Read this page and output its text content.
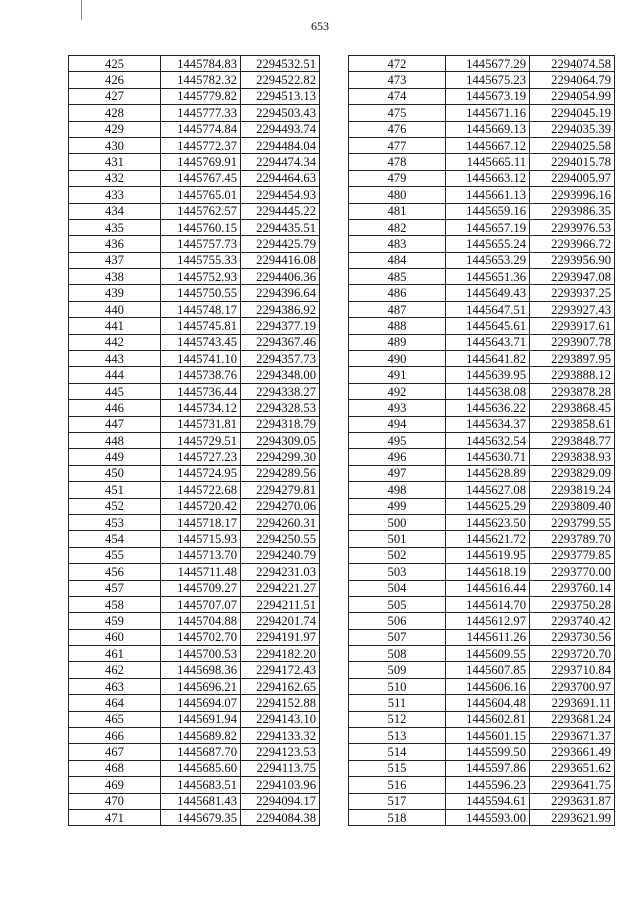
653
425	1445784.83	2294532.51
426	1445782.32	2294522.82
427	1445779.82	2294513.13
428	1445777.33	2294503.43
429	1445774.84	2294493.74
430	1445772.37	2294484.04
431	1445769.91	2294474.34
432	1445767.45	2294464.63
433	1445765.01	2294454.93
434	1445762.57	2294445.22
435	1445760.15	2294435.51
436	1445757.73	2294425.79
437	1445755.33	2294416.08
438	1445752.93	2294406.36
439	1445750.55	2294396.64
440	1445748.17	2294386.92
441	1445745.81	2294377.19
442	1445743.45	2294367.46
443	1445741.10	2294357.73
444	1445738.76	2294348.00
445	1445736.44	2294338.27
446	1445734.12	2294328.53
447	1445731.81	2294318.79
448	1445729.51	2294309.05
449	1445727.23	2294299.30
450	1445724.95	2294289.56
451	1445722.68	2294279.81
452	1445720.42	2294270.06
453	1445718.17	2294260.31
454	1445715.93	2294250.55
455	1445713.70	2294240.79
456	1445711.48	2294231.03
457	1445709.27	2294221.27
458	1445707.07	2294211.51
459	1445704.88	2294201.74
460	1445702.70	2294191.97
461	1445700.53	2294182.20
462	1445698.36	2294172.43
463	1445696.21	2294162.65
464	1445694.07	2294152.88
465	1445691.94	2294143.10
466	1445689.82	2294133.32
467	1445687.70	2294123.53
468	1445685.60	2294113.75
469	1445683.51	2294103.96
470	1445681.43	2294094.17
471	1445679.35	2294084.38
472	1445677.29	2294074.58
473	1445675.23	2294064.79
474	1445673.19	2294054.99
475	1445671.16	2294045.19
476	1445669.13	2294035.39
477	1445667.12	2294025.58
478	1445665.11	2294015.78
479	1445663.12	2294005.97
480	1445661.13	2293996.16
481	1445659.16	2293986.35
482	1445657.19	2293976.53
483	1445655.24	2293966.72
484	1445653.29	2293956.90
485	1445651.36	2293947.08
486	1445649.43	2293937.25
487	1445647.51	2293927.43
488	1445645.61	2293917.61
489	1445643.71	2293907.78
490	1445641.82	2293897.95
491	1445639.95	2293888.12
492	1445638.08	2293878.28
493	1445636.22	2293868.45
494	1445634.37	2293858.61
495	1445632.54	2293848.77
496	1445630.71	2293838.93
497	1445628.89	2293829.09
498	1445627.08	2293819.24
499	1445625.29	2293809.40
500	1445623.50	2293799.55
501	1445621.72	2293789.70
502	1445619.95	2293779.85
503	1445618.19	2293770.00
504	1445616.44	2293760.14
505	1445614.70	2293750.28
506	1445612.97	2293740.42
507	1445611.26	2293730.56
508	1445609.55	2293720.70
509	1445607.85	2293710.84
510	1445606.16	2293700.97
511	1445604.48	2293691.11
512	1445602.81	2293681.24
513	1445601.15	2293671.37
514	1445599.50	2293661.49
515	1445597.86	2293651.62
516	1445596.23	2293641.75
517	1445594.61	2293631.87
518	1445593.00	2293621.99
